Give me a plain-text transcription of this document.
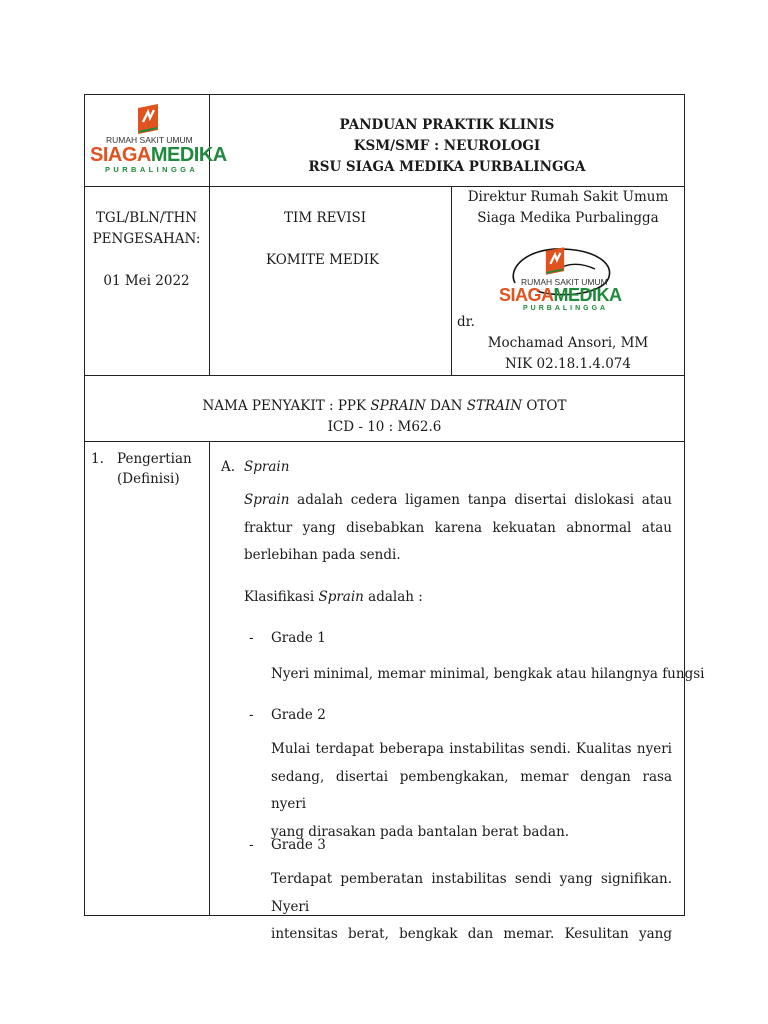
RUMAH SAKIT UMUM
SIAGAMEDIKA
PURBALINGGA
PANDUAN PRAKTIK KLINIS
KSM/SMF : NEUROLOGI
RSU SIAGA MEDIKA PURBALINGGA
TGL/BLN/THN
PENGESAHAN:
01 Mei 2022
TIM REVISI
KOMITE MEDIK
Direktur Rumah Sakit Umum
Siaga Medika Purbalingga
RUMAH SAKIT UMUM
SIAGAMEDIKA
PURBALINGGA
dr.
Mochamad Ansori, MM
NIK 02.18.1.4.074
NAMA PENYAKIT : PPK SPRAIN DAN STRAIN OTOT
ICD - 10 : M62.6
1. Pengertian
(Definisi)
A. Sprain
Sprain adalah cedera ligamen tanpa disertai dislokasi atau
fraktur yang disebabkan karena kekuatan abnormal atau
berlebihan pada sendi.
Klasifikasi Sprain adalah :
- Grade 1
Nyeri minimal, memar minimal, bengkak atau hilangnya fungsi
- Grade 2
Mulai terdapat beberapa instabilitas sendi. Kualitas nyeri
sedang, disertai pembengkakan, memar dengan rasa nyeri
yang dirasakan pada bantalan berat badan.
- Grade 3
Terdapat pemberatan instabilitas sendi yang signifikan. Nyeri
intensitas berat, bengkak dan memar. Kesulitan yang
